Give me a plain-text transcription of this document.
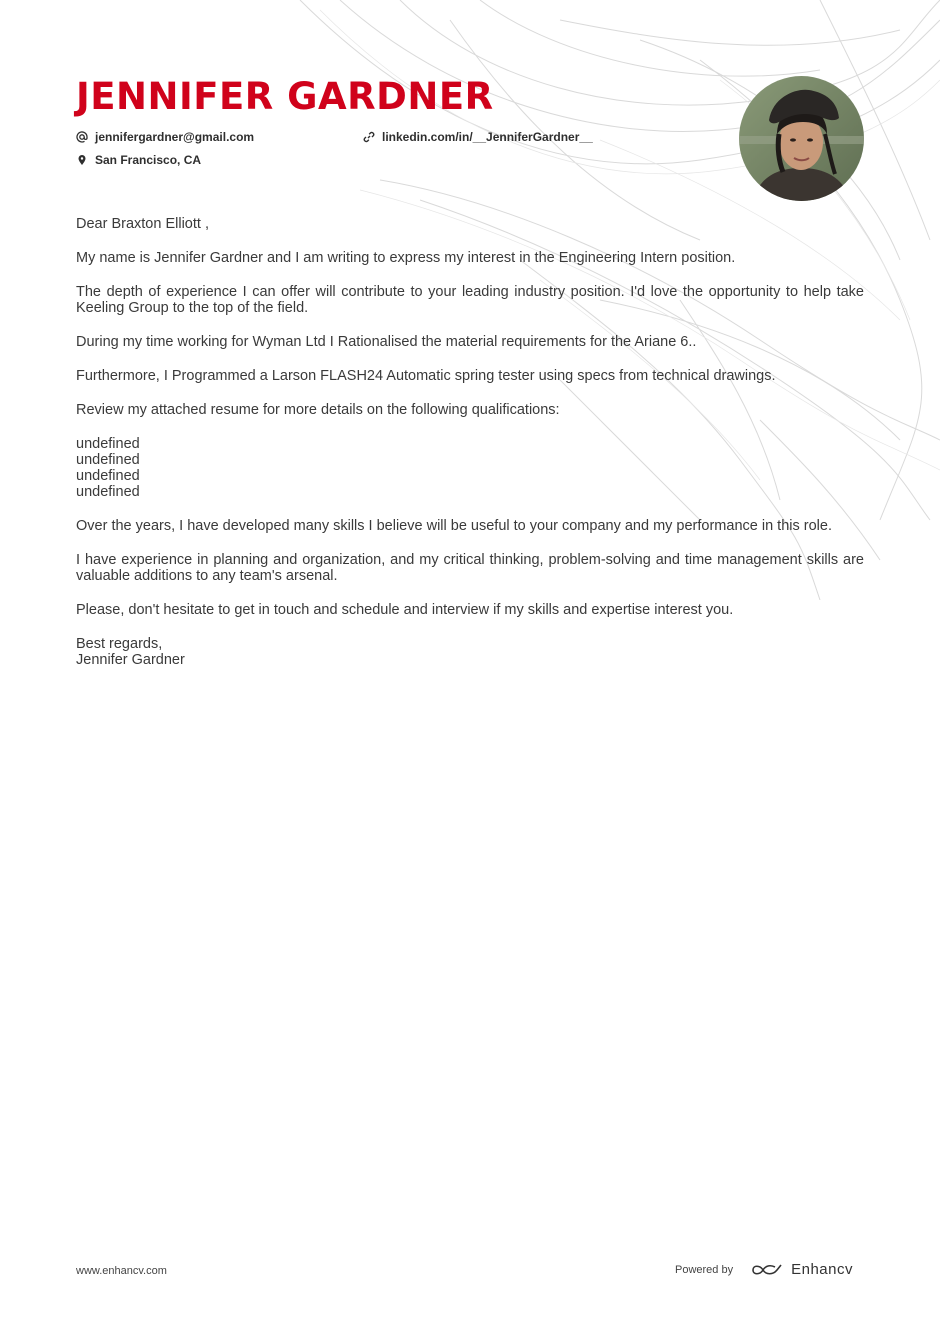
JENNIFER GARDNER
jennifergardner@gmail.com	linkedin.com/in/__JenniferGardner__
San Francisco, CA

Dear Braxton Elliott ,

My name is Jennifer Gardner and I am writing to express my interest in the Engineering Intern position.

The depth of experience I can offer will contribute to your leading industry position. I'd love the opportunity to help take Keeling Group to the top of the field.

During my time working for Wyman Ltd I Rationalised the material requirements for the Ariane 6..

Furthermore, I Programmed a Larson FLASH24 Automatic spring tester using specs from technical drawings.

Review my attached resume for more details on the following qualifications:

undefined
undefined
undefined
undefined

Over the years, I have developed many skills I believe will be useful to your company and my performance in this role.

I have experience in planning and organization, and my critical thinking, problem-solving and time management skills are valuable additions to any team's arsenal.

Please, don't hesitate to get in touch and schedule and interview if my skills and expertise interest you.

Best regards,
Jennifer Gardner

www.enhancv.com	Powered by	Enhancv
